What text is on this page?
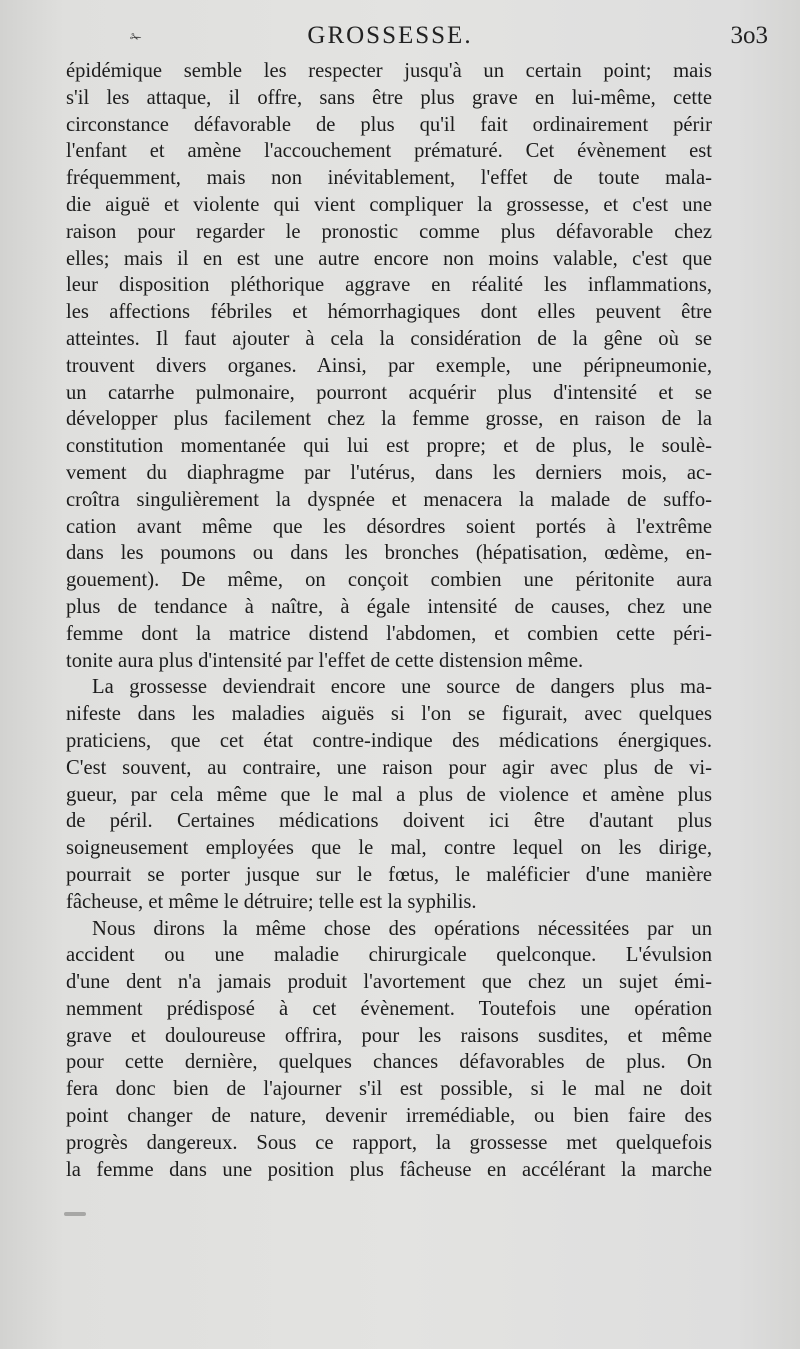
✁	GROSSESSE.	3o3
épidémique semble les respecter jusqu'à un certain point; mais
s'il les attaque, il offre, sans être plus grave en lui-même, cette
circonstance défavorable de plus qu'il fait ordinairement périr
l'enfant et amène l'accouchement prématuré. Cet évènement est
fréquemment, mais non inévitablement, l'effet de toute mala-
die aiguë et violente qui vient compliquer la grossesse, et c'est une
raison pour regarder le pronostic comme plus défavorable chez
elles; mais il en est une autre encore non moins valable, c'est que
leur disposition pléthorique aggrave en réalité les inflammations,
les affections fébriles et hémorrhagiques dont elles peuvent être
atteintes. Il faut ajouter à cela la considération de la gêne où se
trouvent divers organes. Ainsi, par exemple, une péripneumonie,
un catarrhe pulmonaire, pourront acquérir plus d'intensité et se
développer plus facilement chez la femme grosse, en raison de la
constitution momentanée qui lui est propre; et de plus, le soulè-
vement du diaphragme par l'utérus, dans les derniers mois, ac-
croîtra singulièrement la dyspnée et menacera la malade de suffo-
cation avant même que les désordres soient portés à l'extrême
dans les poumons ou dans les bronches (hépatisation, œdème, en-
gouement). De même, on conçoit combien une péritonite aura
plus de tendance à naître, à égale intensité de causes, chez une
femme dont la matrice distend l'abdomen, et combien cette péri-
tonite aura plus d'intensité par l'effet de cette distension même.
La grossesse deviendrait encore une source de dangers plus ma-
nifeste dans les maladies aiguës si l'on se figurait, avec quelques
praticiens, que cet état contre-indique des médications énergiques.
C'est souvent, au contraire, une raison pour agir avec plus de vi-
gueur, par cela même que le mal a plus de violence et amène plus
de péril. Certaines médications doivent ici être d'autant plus
soigneusement employées que le mal, contre lequel on les dirige,
pourrait se porter jusque sur le fœtus, le maléficier d'une manière
fâcheuse, et même le détruire; telle est la syphilis.
Nous dirons la même chose des opérations nécessitées par un
accident ou une maladie chirurgicale quelconque. L'évulsion
d'une dent n'a jamais produit l'avortement que chez un sujet émi-
nemment prédisposé à cet évènement. Toutefois une opération
grave et douloureuse offrira, pour les raisons susdites, et même
pour cette dernière, quelques chances défavorables de plus. On
fera donc bien de l'ajourner s'il est possible, si le mal ne doit
point changer de nature, devenir irremédiable, ou bien faire des
progrès dangereux. Sous ce rapport, la grossesse met quelquefois
la femme dans une position plus fâcheuse en accélérant la marche
